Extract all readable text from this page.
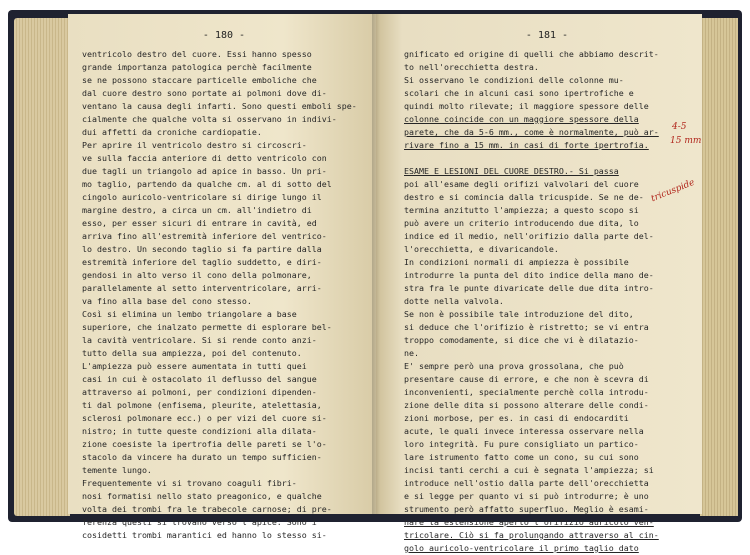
- 180 -
ventricolo destro del cuore. Essi hanno spesso
grande importanza patologica perchè facilmente
se ne possono staccare particelle emboliche che
dal cuore destro sono portate ai polmoni dove di-
ventano la causa degli infarti. Sono questi emboli spe-
cialmente che qualche volta si osservano in indivi-
dui affetti da croniche cardiopatie.
Per aprire il ventricolo destro si circoscri-
ve sulla faccia anteriore di detto ventricolo con
due tagli un triangolo ad apice in basso. Un pri-
mo taglio, partendo da qualche cm. al di sotto del
cingolo auricolo-ventricolare si dirige lungo il
margine destro, a circa un cm. all'indietro di
esso, per esser sicuri di entrare in cavità, ed
arriva fino all'estremità inferiore del ventrico-
lo destro. Un secondo taglio si fa partire dalla
estremità inferiore del taglio suddetto, e diri-
gendosi in alto verso il cono della polmonare,
parallelamente al setto interventricolare, arri-
va fino alla base del cono stesso.
Così si elimina un lembo triangolare a base
superiore, che inalzato permette di esplorare bel-
la cavità ventricolare. Si si rende conto anzi-
tutto della sua ampiezza, poi del contenuto.
L'ampiezza può essere aumentata in tutti quei
casi in cui è ostacolato il deflusso del sangue
attraverso ai polmoni, per condizioni dipenden-
ti dal polmone (enfisema, pleurite, atelettasia,
sclerosi polmonare ecc.) o per vizi del cuore si-
nistro; in tutte queste condizioni alla dilata-
zione coesiste la ipertrofia delle pareti se l'o-
stacolo da vincere ha durato un tempo sufficien-
temente lungo.
Frequentemente vi si trovano coaguli fibri-
nosi formatisi nello stato preagonico, e qualche
volta dei trombi fra le trabecole carnose; di pre-
ferenza questi si trovano verso l'apice. Sono i
cosidetti trombi marantici ed hanno lo stesso si-
- 181 -
gnificato ed origine di quelli che abbiamo descrit-
to nell'orecchietta destra.
Si osservano le condizioni delle colonne mu-
scolari che in alcuni casi sono ipertrofiche e
quindi molto rilevate; il maggiore spessore delle
colonne coincide con un maggiore spessore della
parete, che da 5-6 mm., come è normalmente, può ar-
rivare fino a 15 mm. in casi di forte ipertrofia.
ESAME E LESIONI DEL CUORE DESTRO.- Si passa
poi all'esame degli orifizi valvolari del cuore
destro e si comincia dalla tricuspide. Se ne de-
termina anzitutto l'ampiezza; a questo scopo si
può avere un criterio introducendo due dita, lo
indice ed il medio, nell'orifizio dalla parte del-
l'orecchietta, e divaricandole.
In condizioni normali di ampiezza è possibile
introdurre la punta del dito indice della mano de-
stra fra le punte divaricate delle due dita intro-
dotte nella valvola.
Se non è possibile tale introduzione del dito,
si deduce che l'orifizio è ristretto; se vi entra
troppo comodamente, si dice che vi è dilatazio-
ne.
E' sempre però una prova grossolana, che può
presentare cause di errore, e che non è scevra di
inconvenienti, specialmente perchè colla introdu-
zione delle dita si possono alterare delle condi-
zioni morbose, per es. in casi di endocarditi
acute, le quali invece interessa osservare nella
loro integrità. Fu pure consigliato un partico-
lare istrumento fatto come un cono, su cui sono
incisi tanti cerchi a cui è segnata l'ampiezza; si
introduce nell'ostio dalla parte dell'orecchietta
e si legge per quanto vi si può introdurre; è uno
strumento però affatto superfluo. Meglio è esami-
nare la estensione aperto l'orifizio auricolo ven-
tricolare. Ciò si fa prolungando attraverso al cin-
golo auricolo-ventricolare il primo taglio dato
4-5
15 mm
tricuspide
